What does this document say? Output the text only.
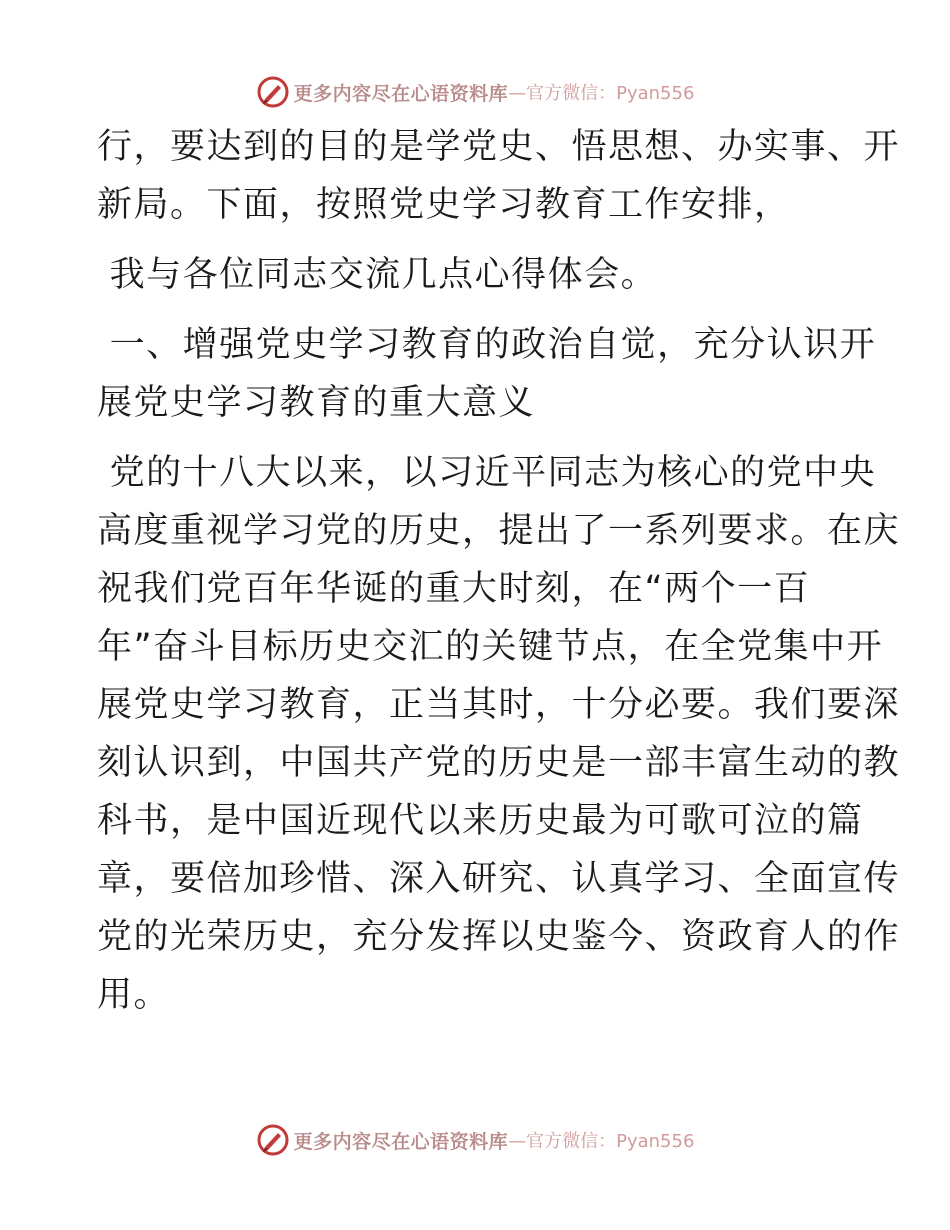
更多内容尽在心语资料库 —官方微信：Pyan556
行，要达到的目的是学党史、悟思想、办实事、开
新局。下面，按照党史学习教育工作安排，
我与各位同志交流几点心得体会。
一、增强党史学习教育的政治自觉，充分认识开
展党史学习教育的重大意义
党的十八大以来，以习近平同志为核心的党中央
高度重视学习党的历史，提出了一系列要求。在庆
祝我们党百年华诞的重大时刻，在“两个一百
年”奋斗目标历史交汇的关键节点，在全党集中开
展党史学习教育，正当其时，十分必要。我们要深
刻认识到，中国共产党的历史是一部丰富生动的教
科书，是中国近现代以来历史最为可歌可泣的篇
章，要倍加珍惜、深入研究、认真学习、全面宣传
党的光荣历史，充分发挥以史鉴今、资政育人的作
用。
更多内容尽在心语资料库 —官方微信：Pyan556
